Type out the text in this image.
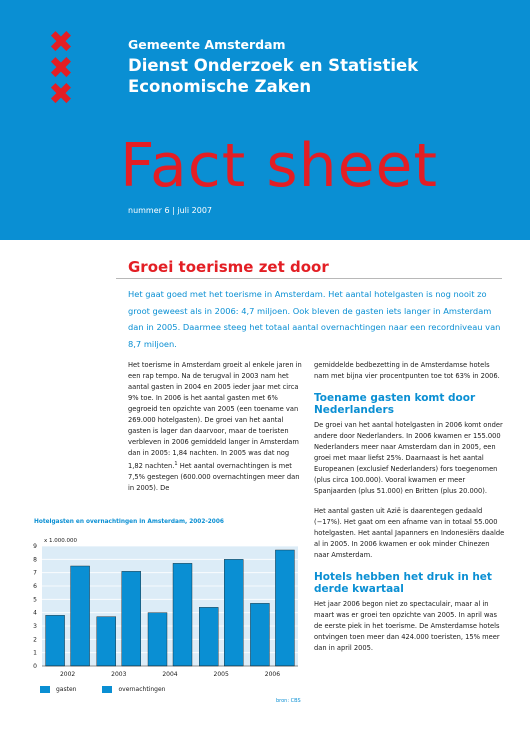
✖
✖
✖
Gemeente Amsterdam
Dienst Onderzoek en Statistiek
Economische Zaken
Fact sheet
nummer 6 | juli 2007
Groei toerisme zet door
Het gaat goed met het toerisme in Amsterdam. Het aantal hotelgasten is nog nooit zo groot geweest als in 2006: 4,7 miljoen. Ook bleven de gasten iets langer in Amsterdam dan in 2005. Daarmee steeg het totaal aantal overnachtingen naar een recordniveau van 8,7 miljoen.

Het toerisme in Amsterdam groeit al enkele jaren in een rap tempo. Na de terugval in 2003 nam het aantal gasten in 2004 en 2005 ieder jaar met circa 9% toe. In 2006 is het aantal gasten met 6% gegroeid ten opzichte van 2005 (een toename van 269.000 hotelgasten). De groei van het aantal gasten is lager dan daarvoor, maar de toeristen verbleven in 2006 gemiddeld langer in Amsterdam dan in 2005: 1,84 nachten. In 2005 was dat nog 1,82 nachten.$^1$ Het aantal overnachtingen is met 7,5% gestegen (600.000 overnachtingen meer dan in 2005). De

gemiddelde bedbezetting in de Amsterdamse hotels nam met bijna vier procentpunten toe tot 63% in 2006.

Toename gasten komt door Nederlanders

De groei van het aantal hotelgasten in 2006 komt onder andere door Nederlanders. In 2006 kwamen er 155.000 Nederlanders meer naar Amsterdam dan in 2005, een groei met maar liefst 25%. Daarnaast is het aantal Europeanen (exclusief Nederlanders) fors toegenomen (plus circa 100.000). Vooral kwamen er meer Spanjaarden (plus 51.000) en Britten (plus 20.000).

Het aantal gasten uit Azië is daarentegen gedaald (−17%). Het gaat om een afname van in totaal 55.000 hotelgasten. Het aantal Japanners en Indonesiërs daalde al in 2005. In 2006 kwamen er ook minder Chinezen naar Amsterdam.

Hotels hebben het druk in het derde kwartaal

Het jaar 2006 begon niet zo spectaculair, maar al in maart was er groei ten opzichte van 2005. In april was de eerste piek in het toerisme. De Amsterdamse hotels ontvingen toen meer dan 424.000 toeristen, 15% meer dan in april 2005.

Hotelgasten en overnachtingen in Amsterdam, 2002-2006
x 1.000.000
0
1
2
3
4
5
6
7
8
9
2002	2003	2004	2005	2006
gasten	overnachtingen
bron: CBS
